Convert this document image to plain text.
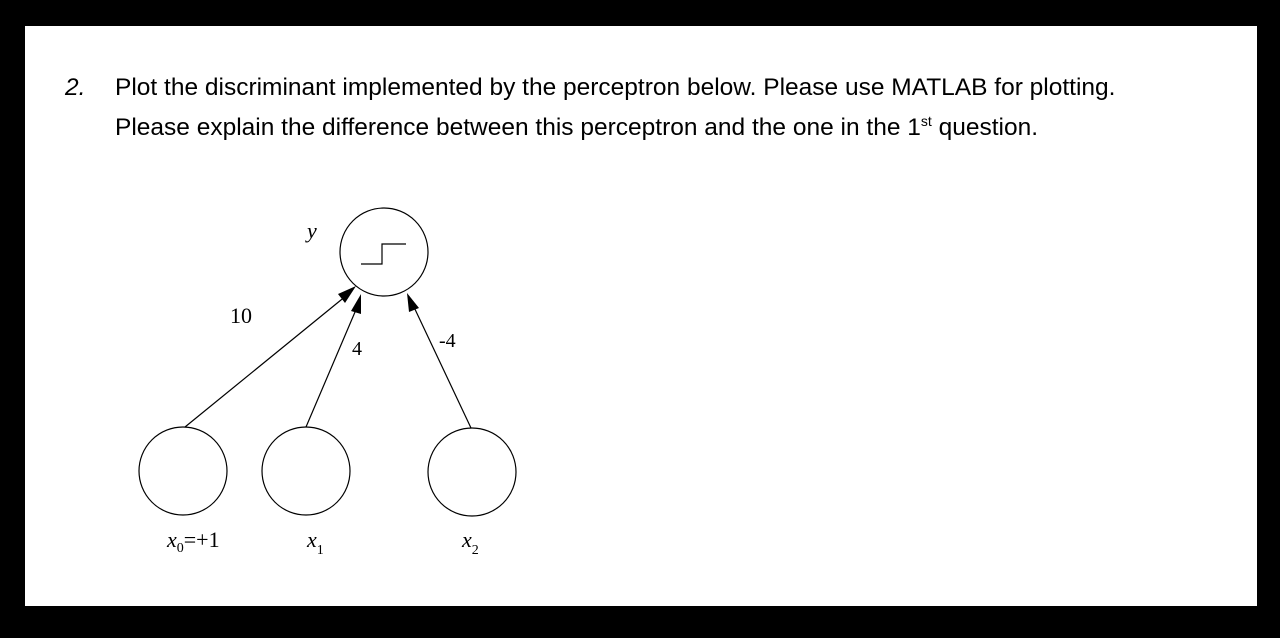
2. Plot the discriminant implemented by the perceptron below. Please use MATLAB for plotting.
Please explain the difference between this perceptron and the one in the 1st question.
y
10
4	-4
$x_0=+1$	$x_1$	$x_2$
